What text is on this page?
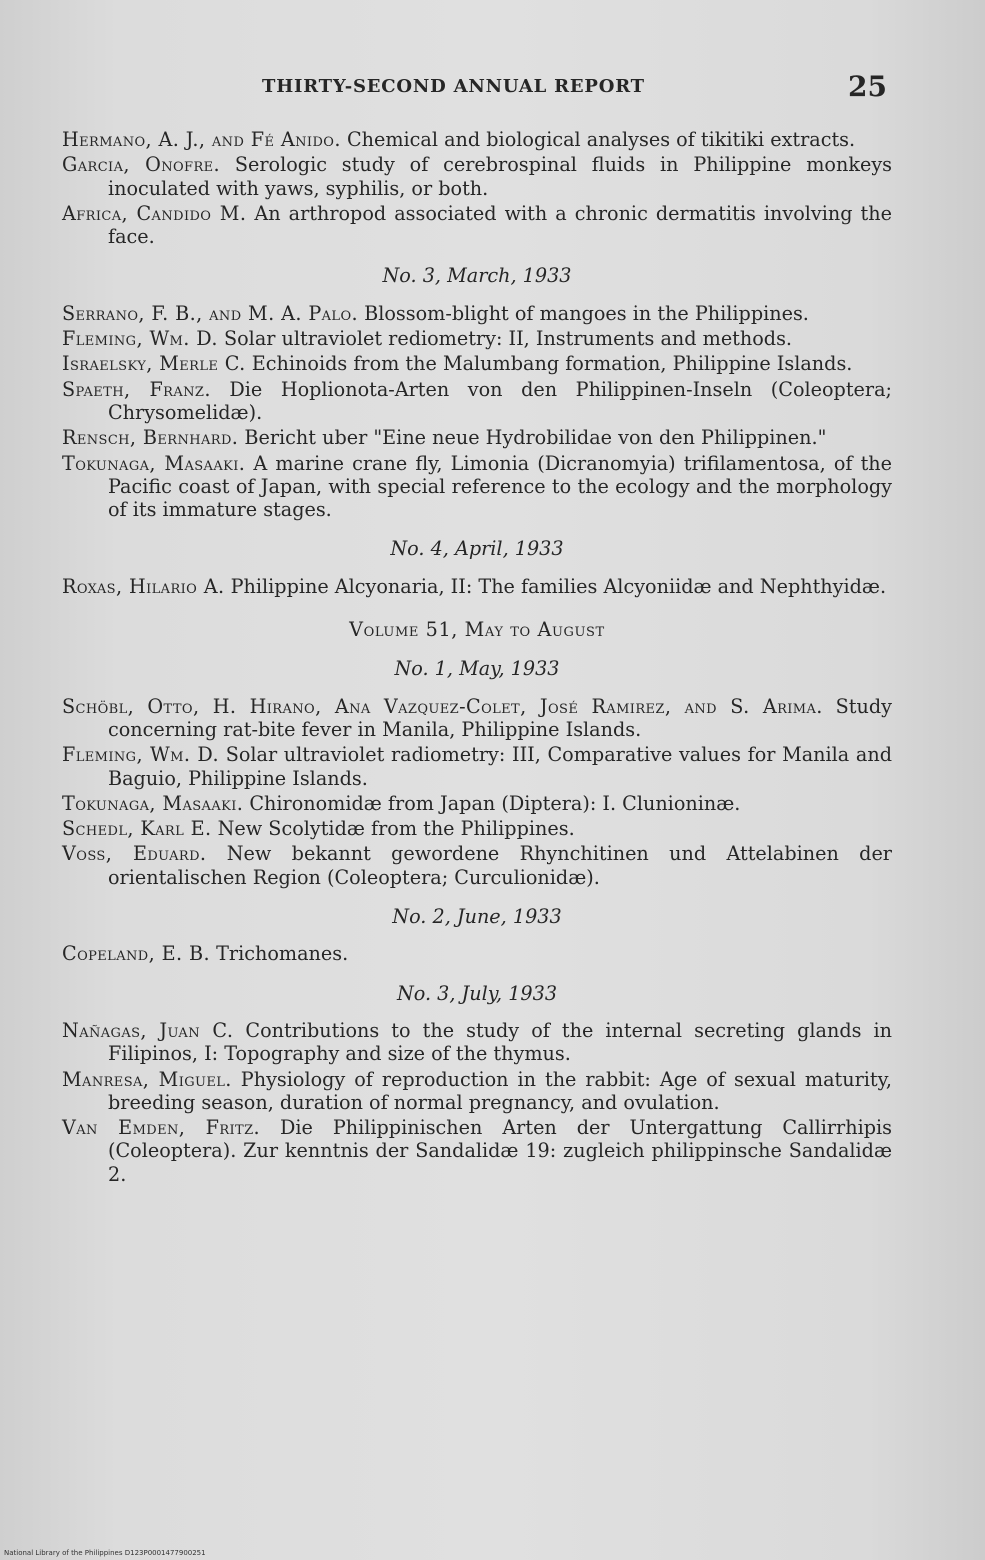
THIRTY-SECOND ANNUAL REPORT	25

Hermano, A. J., and Fé Anido. Chemical and biological analyses of tikitiki extracts.

Garcia, Onofre. Serologic study of cerebrospinal fluids in Philippine monkeys inoculated with yaws, syphilis, or both.

Africa, Candido M. An arthropod associated with a chronic dermatitis involving the face.

No. 3, March, 1933

Serrano, F. B., and M. A. Palo. Blossom-blight of mangoes in the Philippines.

Fleming, Wm. D. Solar ultraviolet rediometry: II, Instruments and methods.

Israelsky, Merle C. Echinoids from the Malumbang formation, Philippine Islands.

Spaeth, Franz. Die Hoplionota-Arten von den Philippinen-Inseln (Coleoptera; Chrysomelidæ).

Rensch, Bernhard. Bericht uber "Eine neue Hydrobilidae von den Philippinen."

Tokunaga, Masaaki. A marine crane fly, Limonia (Dicranomyia) trifilamentosa, of the Pacific coast of Japan, with special reference to the ecology and the morphology of its immature stages.

No. 4, April, 1933

Roxas, Hilario A. Philippine Alcyonaria, II: The families Alcyoniidæ and Nephthyidæ.

Volume 51, May to August
No. 1, May, 1933

Schöbl, Otto, H. Hirano, Ana Vazquez-Colet, José Ramirez, and S. Arima. Study concerning rat-bite fever in Manila, Philippine Islands.

Fleming, Wm. D. Solar ultraviolet radiometry: III, Comparative values for Manila and Baguio, Philippine Islands.

Tokunaga, Masaaki. Chironomidæ from Japan (Diptera): I. Clunioninæ.

Schedl, Karl E. New Scolytidæ from the Philippines.

Voss, Eduard. New bekannt gewordene Rhynchitinen und Attelabinen der orientalischen Region (Coleoptera; Curculionidæ).

No. 2, June, 1933

Copeland, E. B. Trichomanes.

No. 3, July, 1933

Nañagas, Juan C. Contributions to the study of the internal secreting glands in Filipinos, I: Topography and size of the thymus.

Manresa, Miguel. Physiology of reproduction in the rabbit: Age of sexual maturity, breeding season, duration of normal pregnancy, and ovulation.

Van Emden, Fritz. Die Philippinischen Arten der Untergattung Callirrhipis (Coleoptera). Zur kenntnis der Sandalidæ 19: zugleich philippinsche Sandalidæ 2.

National Library of the Philippines D123P0001477900251
